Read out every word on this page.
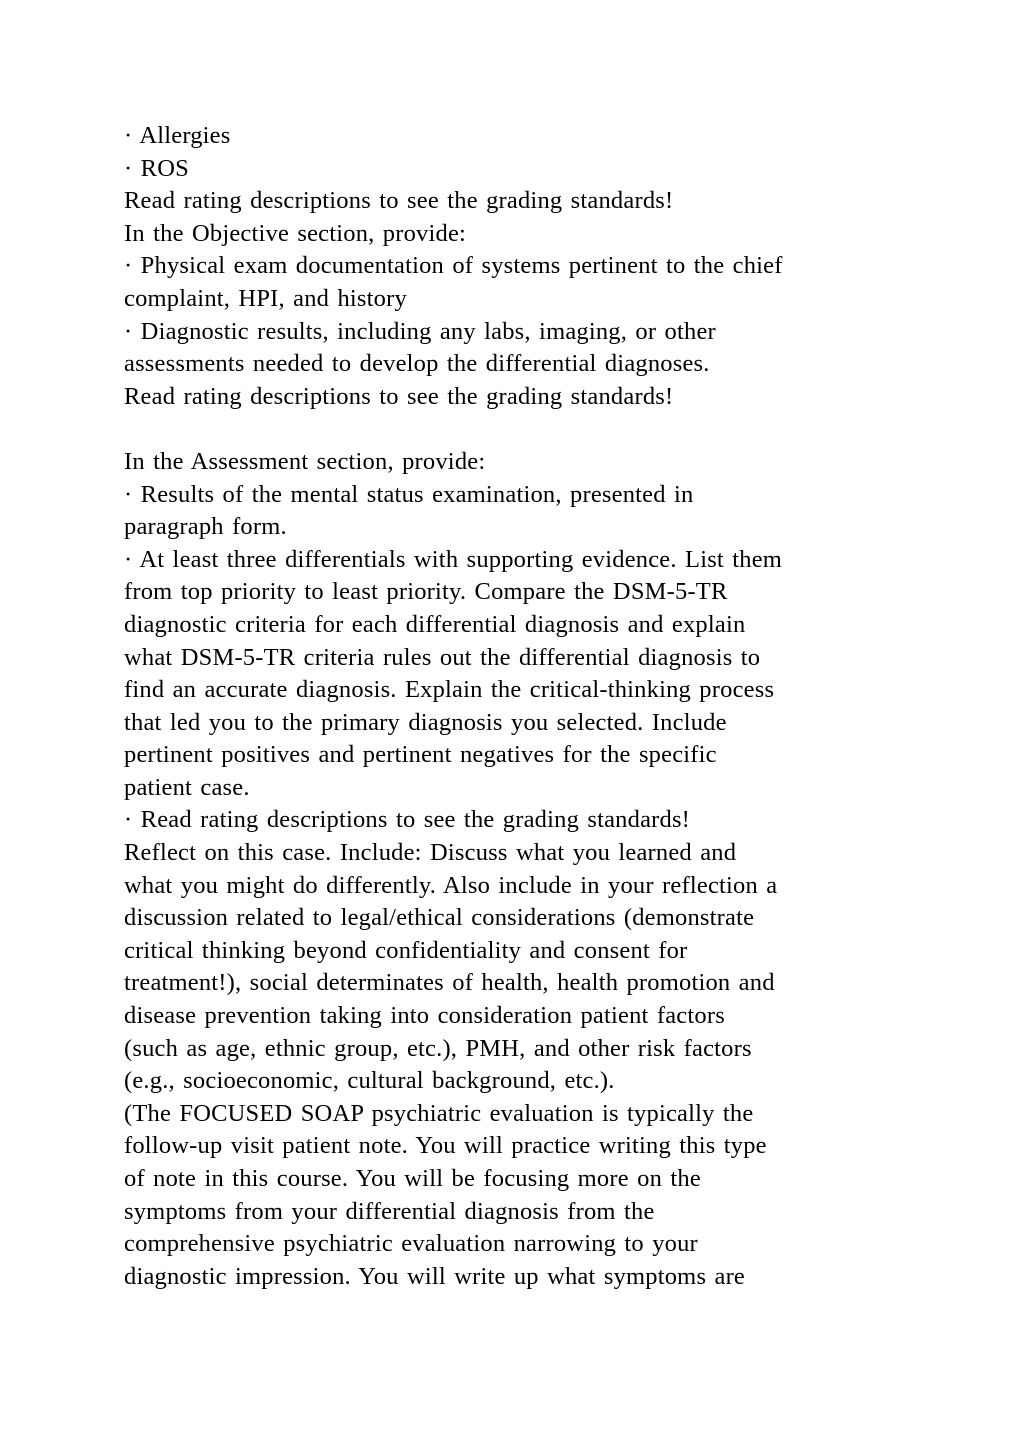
· Allergies
· ROS
Read rating descriptions to see the grading standards!
In the Objective section, provide:
· Physical exam documentation of systems pertinent to the chief
complaint, HPI, and history
· Diagnostic results, including any labs, imaging, or other
assessments needed to develop the differential diagnoses.
Read rating descriptions to see the grading standards!
In the Assessment section, provide:
· Results of the mental status examination, presented in
paragraph form.
· At least three differentials with supporting evidence. List them
from top priority to least priority. Compare the DSM-5-TR
diagnostic criteria for each differential diagnosis and explain
what DSM-5-TR criteria rules out the differential diagnosis to
find an accurate diagnosis. Explain the critical-thinking process
that led you to the primary diagnosis you selected. Include
pertinent positives and pertinent negatives for the specific
patient case.
· Read rating descriptions to see the grading standards!
Reflect on this case. Include: Discuss what you learned and
what you might do differently. Also include in your reflection a
discussion related to legal/ethical considerations (demonstrate
critical thinking beyond confidentiality and consent for
treatment!), social determinates of health, health promotion and
disease prevention taking into consideration patient factors
(such as age, ethnic group, etc.), PMH, and other risk factors
(e.g., socioeconomic, cultural background, etc.).
(The FOCUSED SOAP psychiatric evaluation is typically the
follow-up visit patient note. You will practice writing this type
of note in this course. You will be focusing more on the
symptoms from your differential diagnosis from the
comprehensive psychiatric evaluation narrowing to your
diagnostic impression. You will write up what symptoms are
